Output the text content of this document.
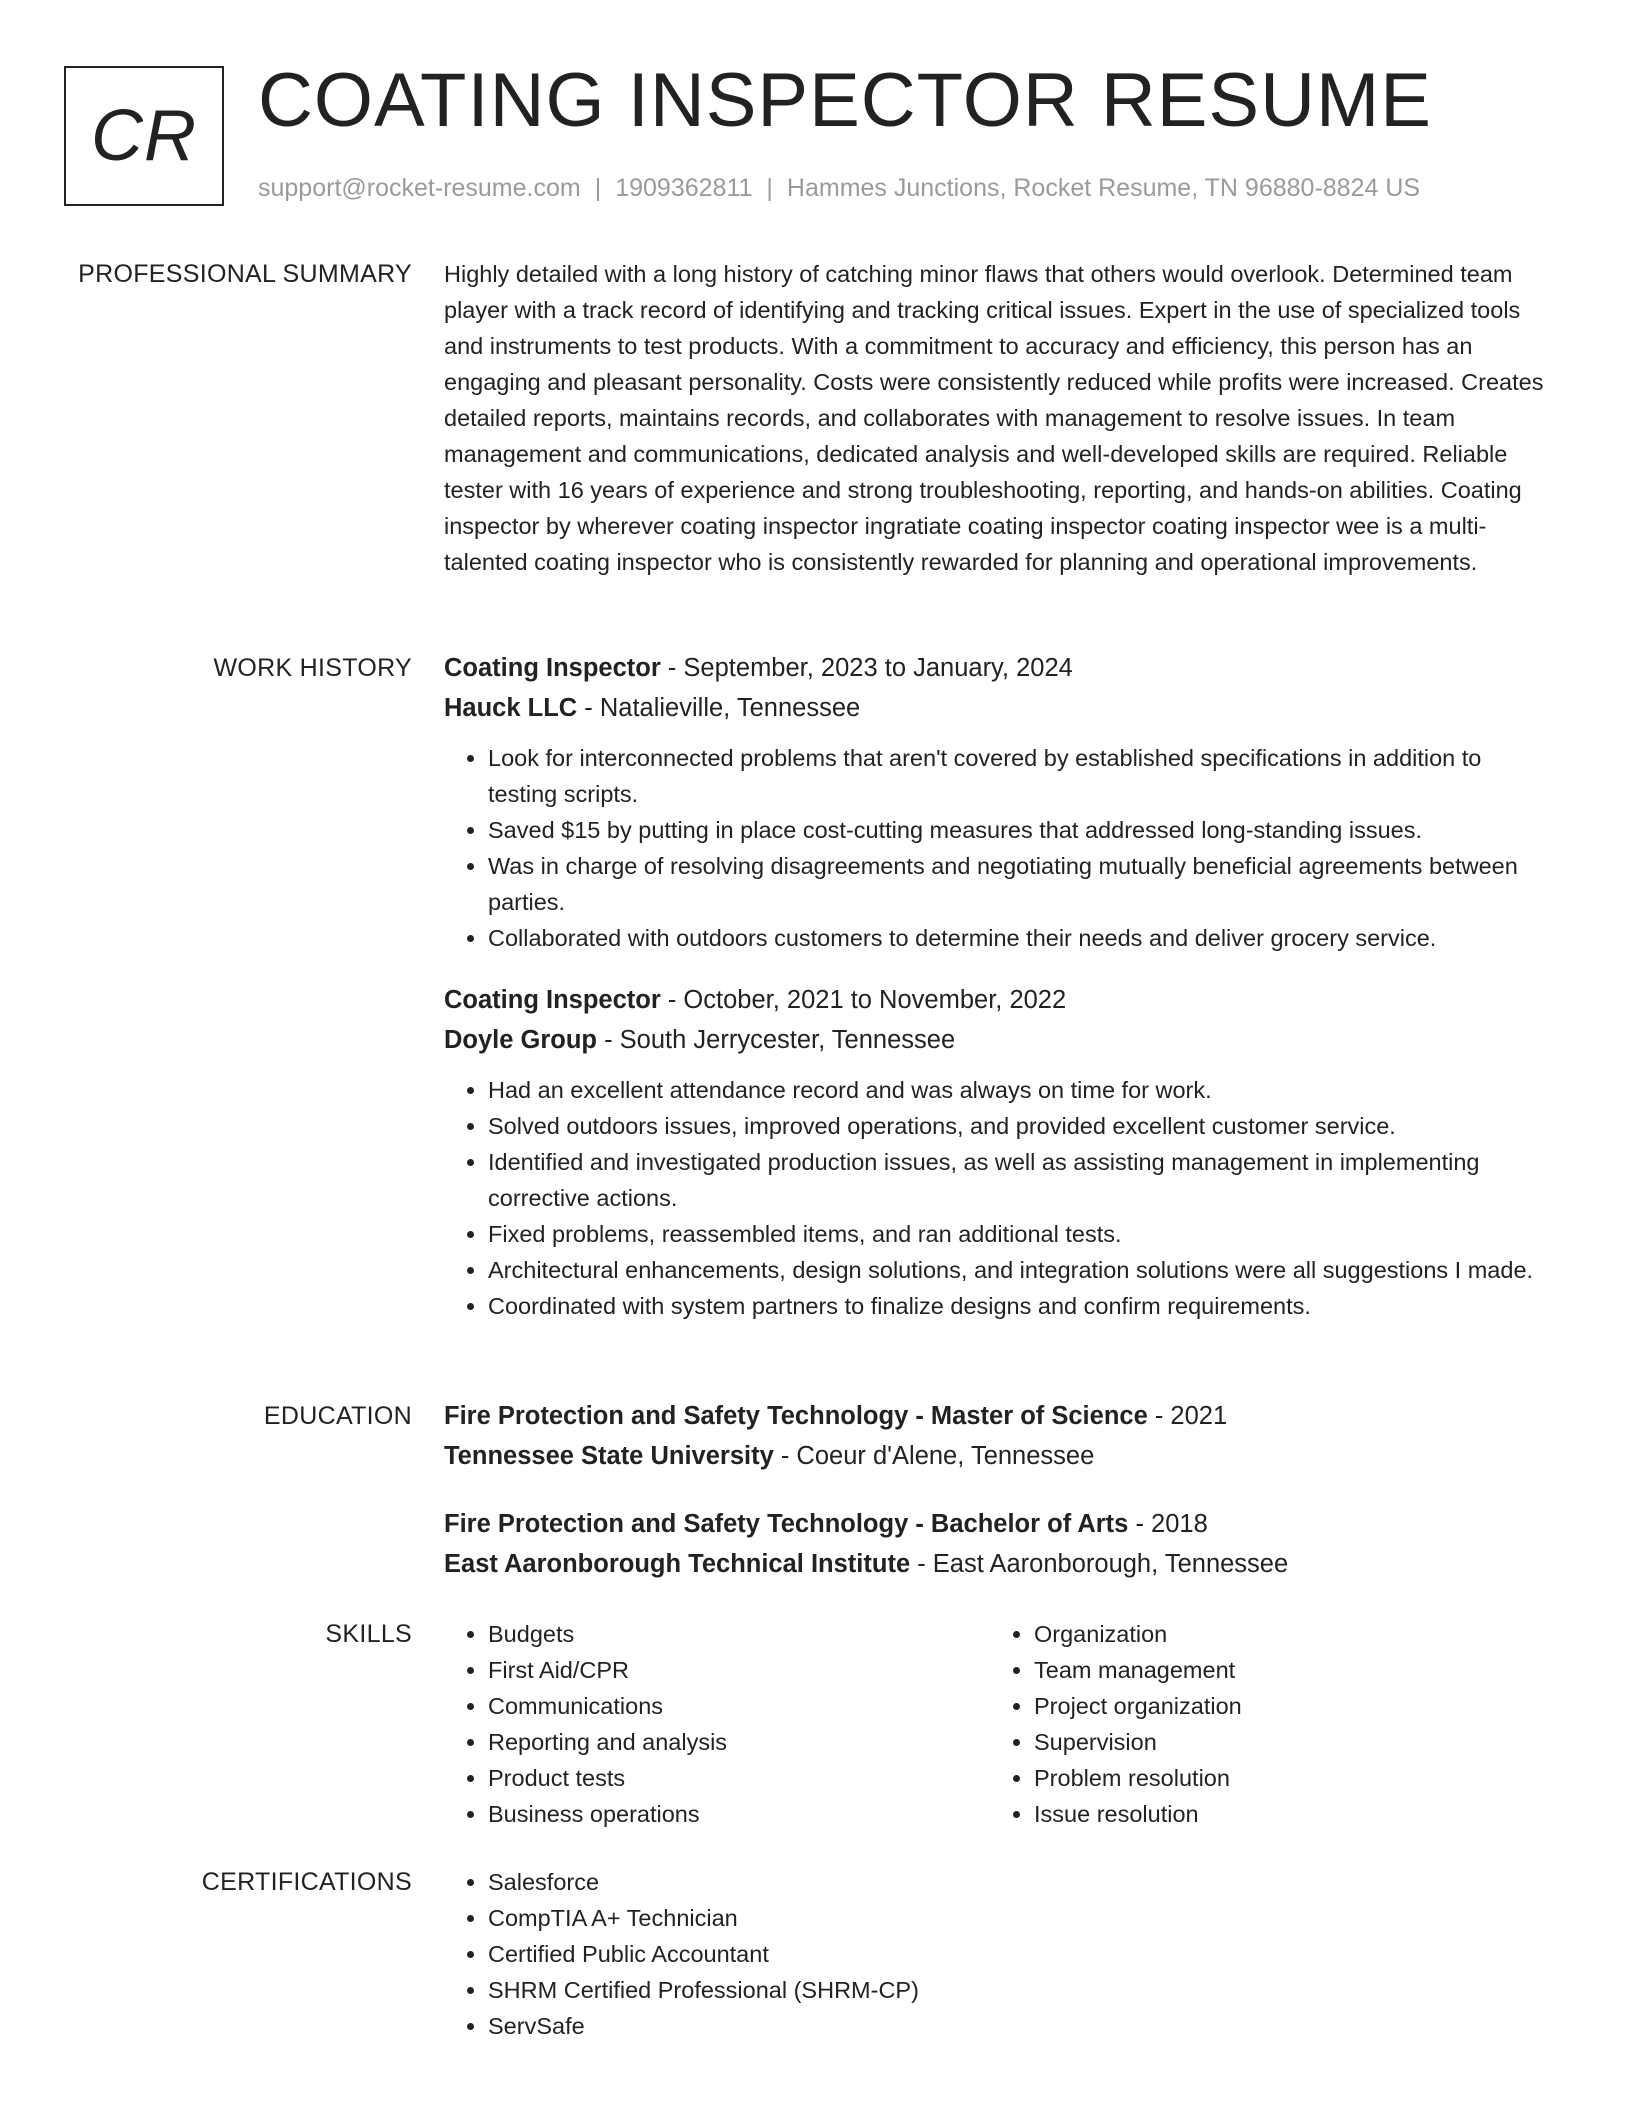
CR COATING INSPECTOR RESUME
support@rocket-resume.com | 1909362811 | Hammes Junctions, Rocket Resume, TN 96880-8824 US
PROFESSIONAL SUMMARY Highly detailed with a long history of catching minor flaws that others would overlook. Determined team player with a track record of identifying and tracking critical issues. Expert in the use of specialized tools and instruments to test products. With a commitment to accuracy and efficiency, this person has an engaging and pleasant personality. Costs were consistently reduced while profits were increased. Creates detailed reports, maintains records, and collaborates with management to resolve issues. In team management and communications, dedicated analysis and well-developed skills are required. Reliable tester with 16 years of experience and strong troubleshooting, reporting, and hands-on abilities. Coating inspector by wherever coating inspector ingratiate coating inspector coating inspector wee is a multi-talented coating inspector who is consistently rewarded for planning and operational improvements.

WORK HISTORY Coating Inspector - September, 2023 to January, 2024

Hauck LLC - Natalieville, Tennessee

• Look for interconnected problems that aren't covered by established specifications in addition to testing scripts.
• Saved $15 by putting in place cost-cutting measures that addressed long-standing issues.
• Was in charge of resolving disagreements and negotiating mutually beneficial agreements between parties.
• Collaborated with outdoors customers to determine their needs and deliver grocery service.

Coating Inspector - October, 2021 to November, 2022

Doyle Group - South Jerrycester, Tennessee

• Had an excellent attendance record and was always on time for work.
• Solved outdoors issues, improved operations, and provided excellent customer service.
• Identified and investigated production issues, as well as assisting management in implementing corrective actions.
• Fixed problems, reassembled items, and ran additional tests.
• Architectural enhancements, design solutions, and integration solutions were all suggestions I made.
• Coordinated with system partners to finalize designs and confirm requirements.
EDUCATION Fire Protection and Safety Technology - Master of Science - 2021

Tennessee State University - Coeur d'Alene, Tennessee

Fire Protection and Safety Technology - Bachelor of Arts - 2018

East Aaronborough Technical Institute - East Aaronborough, Tennessee

SKILLS	• Budgets
• First Aid/CPR
• Communications
• Reporting and analysis
• Product tests
• Business operations
• Organization
• Team management
• Project organization
• Supervision
• Problem resolution
• Issue resolution
CERTIFICATIONS	• Salesforce
• CompTIA A+ Technician
• Certified Public Accountant
• SHRM Certified Professional (SHRM-CP)
• ServSafe
